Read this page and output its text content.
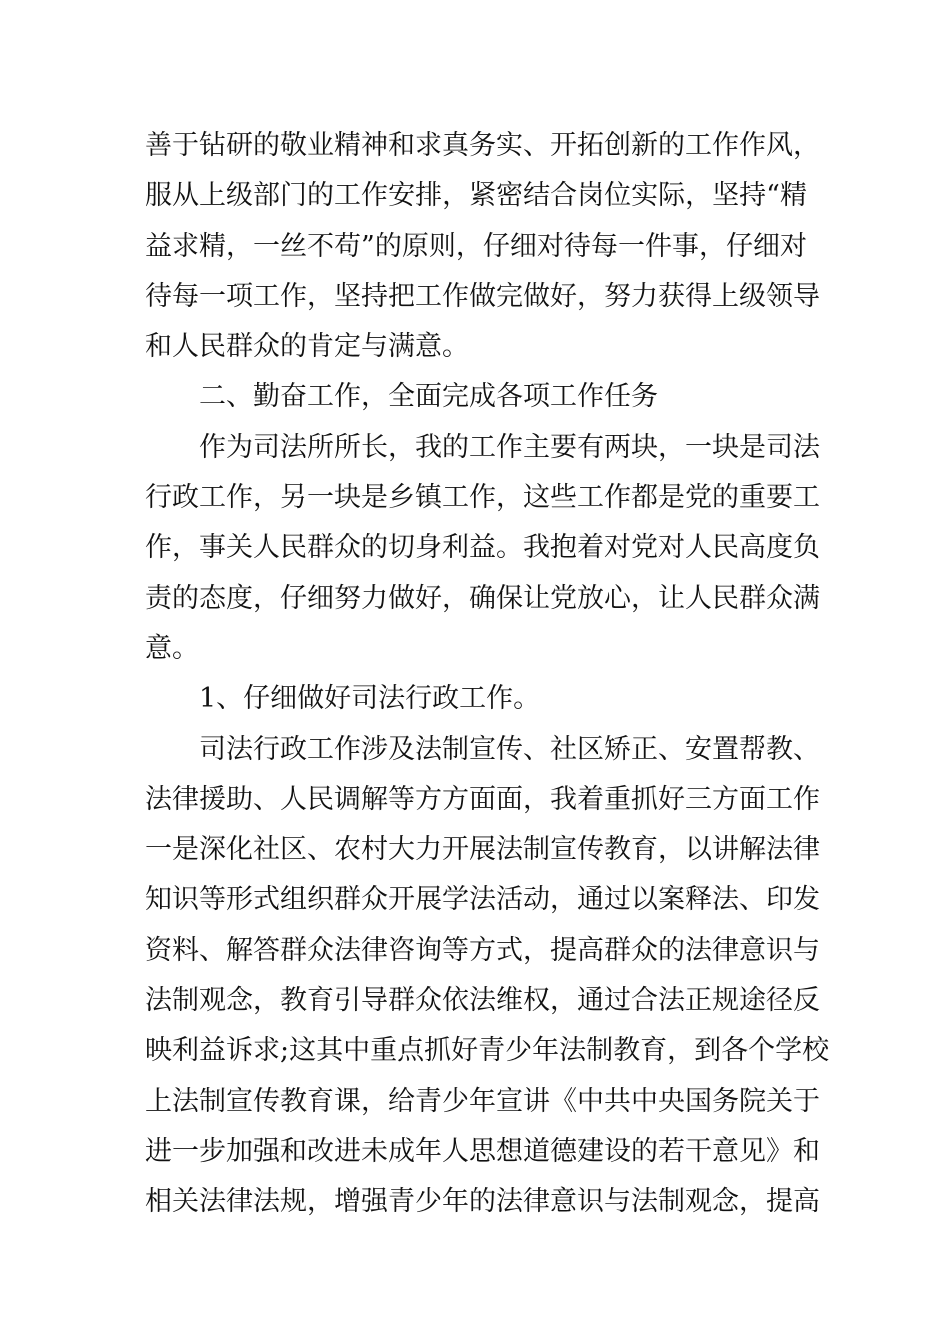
善于钻研的敬业精神和求真务实、开拓创新的工作作风，
服从上级部门的工作安排，紧密结合岗位实际，坚持“精
益求精，一丝不苟”的原则，仔细对待每一件事，仔细对
待每一项工作，坚持把工作做完做好，努力获得上级领导
和人民群众的肯定与满意。
二、勤奋工作，全面完成各项工作任务
作为司法所所长，我的工作主要有两块，一块是司法
行政工作，另一块是乡镇工作，这些工作都是党的重要工
作，事关人民群众的切身利益。我抱着对党对人民高度负
责的态度，仔细努力做好，确保让党放心，让人民群众满
意。
1、仔细做好司法行政工作。
司法行政工作涉及法制宣传、社区矫正、安置帮教、
法律援助、人民调解等方方面面，我着重抓好三方面工作
一是深化社区、农村大力开展法制宣传教育，以讲解法律
知识等形式组织群众开展学法活动，通过以案释法、印发
资料、解答群众法律咨询等方式，提高群众的法律意识与
法制观念，教育引导群众依法维权，通过合法正规途径反
映利益诉求;这其中重点抓好青少年法制教育，到各个学校
上法制宣传教育课，给青少年宣讲《中共中央国务院关于
进一步加强和改进未成年人思想道德建设的若干意见》和
相关法律法规，增强青少年的法律意识与法制观念，提高
